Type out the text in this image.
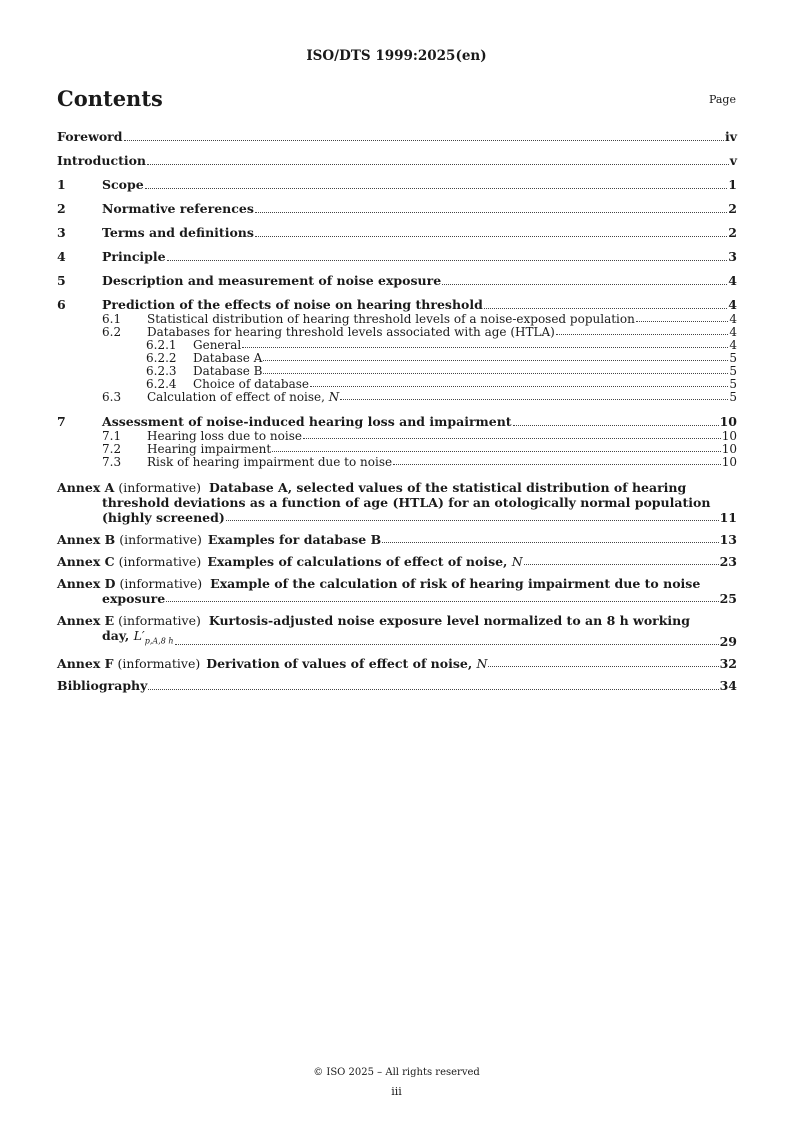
ISO/DTS 1999:2025(en)
Contents	Page
Foreword	iv
Introduction	v
1	Scope	1
2	Normative references	2
3	Terms and definitions	2
4	Principle	3
5	Description and measurement of noise exposure	4
6	Prediction of the effects of noise on hearing threshold	4
6.1	Statistical distribution of hearing threshold levels of a noise-exposed population	4
6.2	Databases for hearing threshold levels associated with age (HTLA)	4
6.2.1	General	4
6.2.2	Database A	5
6.2.3	Database B	5
6.2.4	Choice of database	5
6.3	Calculation of effect of noise, N	5
7	Assessment of noise-induced hearing loss and impairment	10
7.1	Hearing loss due to noise	10
7.2	Hearing impairment	10
7.3	Risk of hearing impairment due to noise	10
Annex A (informative) Database A, selected values of the statistical distribution of hearing
threshold deviations as a function of age (HTLA) for an otologically normal population
(highly screened)	11
Annex B (informative) Examples for database B	13
Annex C (informative) Examples of calculations of effect of noise, N	23
Annex D (informative) Example of the calculation of risk of hearing impairment due to noise
exposure	25
Annex E (informative) Kurtosis-adjusted noise exposure level normalized to an 8 h working
day, $L'_{p,A,8 h}$	29
Annex F (informative) Derivation of values of effect of noise, N	32
Bibliography	34
© ISO 2025 – All rights reserved
iii
